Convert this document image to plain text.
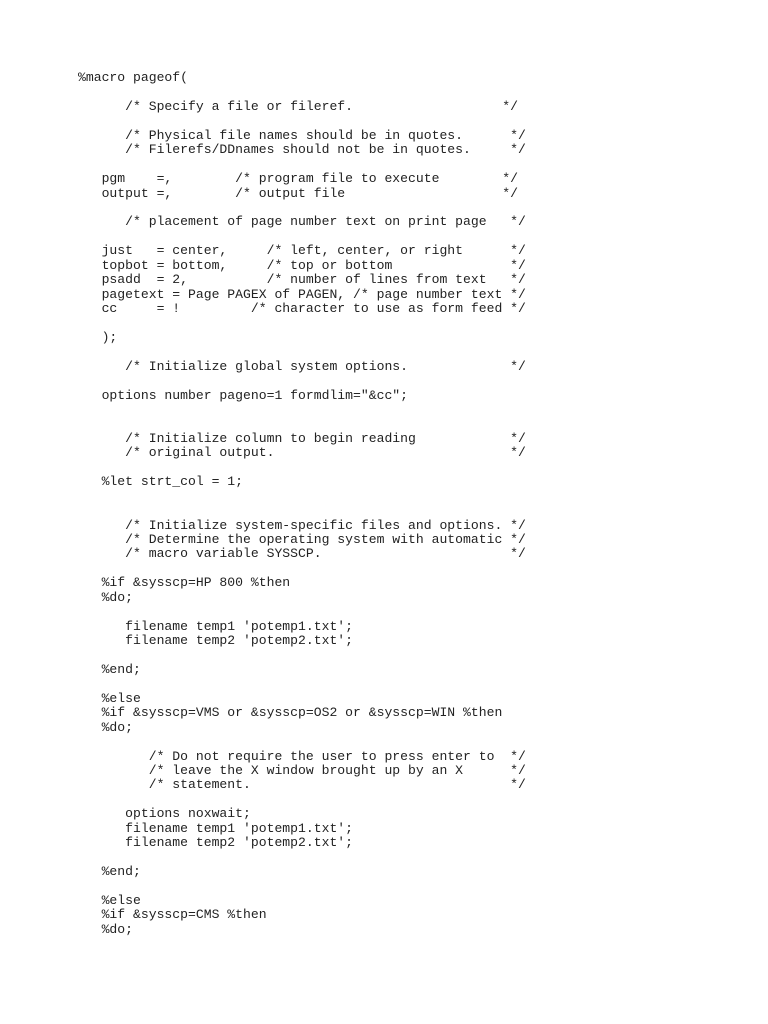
%macro pageof(
/* Specify a file or fileref.                   */
/* Physical file names should be in quotes.      */
/* Filerefs/DDnames should not be in quotes.     */
pgm    =,        /* program file to execute        */
output =,        /* output file                    */
/* placement of page number text on print page   */
just   = center,     /* left, center, or right      */
topbot = bottom,     /* top or bottom               */
psadd  = 2,          /* number of lines from text   */
pagetext = Page PAGEX of PAGEN, /* page number text */
cc     = !         /* character to use as form feed */
);
/* Initialize global system options.             */
options number pageno=1 formdlim="&cc";
/* Initialize column to begin reading            */
/* original output.                              */
%let strt_col = 1;
/* Initialize system-specific files and options. */
/* Determine the operating system with automatic */
/* macro variable SYSSCP.                        */
%if &sysscp=HP 800 %then
%do;
filename temp1 'potemp1.txt';
filename temp2 'potemp2.txt';
%end;
%else
%if &sysscp=VMS or &sysscp=OS2 or &sysscp=WIN %then
%do;
/* Do not require the user to press enter to  */
/* leave the X window brought up by an X      */
/* statement.                                 */
options noxwait;
filename temp1 'potemp1.txt';
filename temp2 'potemp2.txt';
%end;
%else
%if &sysscp=CMS %then
%do;
